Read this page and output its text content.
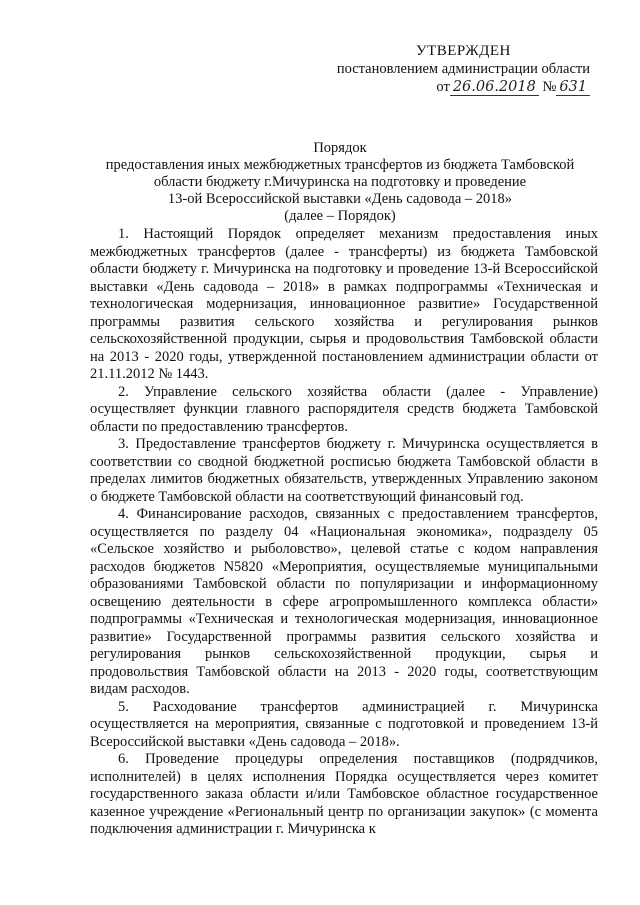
УТВЕРЖДЕН
постановлением администрации области
от 26.06.2018 № 631
Порядок
предоставления иных межбюджетных трансфертов из бюджета Тамбовской
области бюджету г.Мичуринска на подготовку и проведение
13-ой Всероссийской выставки «День садовода – 2018»
(далее – Порядок)

1. Настоящий Порядок определяет механизм предоставления иных межбюджетных трансфертов (далее - трансферты) из бюджета Тамбовской области бюджету г. Мичуринска на подготовку и проведение 13-й Всероссийской выставки «День садовода – 2018» в рамках подпрограммы «Техническая и технологическая модернизация, инновационное развитие» Государственной программы развития сельского хозяйства и регулирования рынков сельскохозяйственной продукции, сырья и продовольствия Тамбовской области на 2013 - 2020 годы, утвержденной постановлением администрации области от 21.11.2012 № 1443.

2. Управление сельского хозяйства области (далее - Управление) осуществляет функции главного распорядителя средств бюджета Тамбовской области по предоставлению трансфертов.

3. Предоставление трансфертов бюджету г. Мичуринска осуществляется в соответствии со сводной бюджетной росписью бюджета Тамбовской области в пределах лимитов бюджетных обязательств, утвержденных Управлению законом о бюджете Тамбовской области на соответствующий финансовый год.

4. Финансирование расходов, связанных с предоставлением трансфертов, осуществляется по разделу 04 «Национальная экономика», подразделу 05 «Сельское хозяйство и рыболовство», целевой статье с кодом направления расходов бюджетов N5820 «Мероприятия, осуществляемые муниципальными образованиями Тамбовской области по популяризации и информационному освещению деятельности в сфере агропромышленного комплекса области» подпрограммы «Техническая и технологическая модернизация, инновационное развитие» Государственной программы развития сельского хозяйства и регулирования рынков сельскохозяйственной продукции, сырья и продовольствия Тамбовской области на 2013 - 2020 годы, соответствующим видам расходов.

5. Расходование трансфертов администрацией г. Мичуринска осуществляется на мероприятия, связанные с подготовкой и проведением 13-й Всероссийской выставки «День садовода – 2018».

6. Проведение процедуры определения поставщиков (подрядчиков, исполнителей) в целях исполнения Порядка осуществляется через комитет государственного заказа области и/или Тамбовское областное государственное казенное учреждение «Региональный центр по организации закупок» (с момента подключения администрации г. Мичуринска к
